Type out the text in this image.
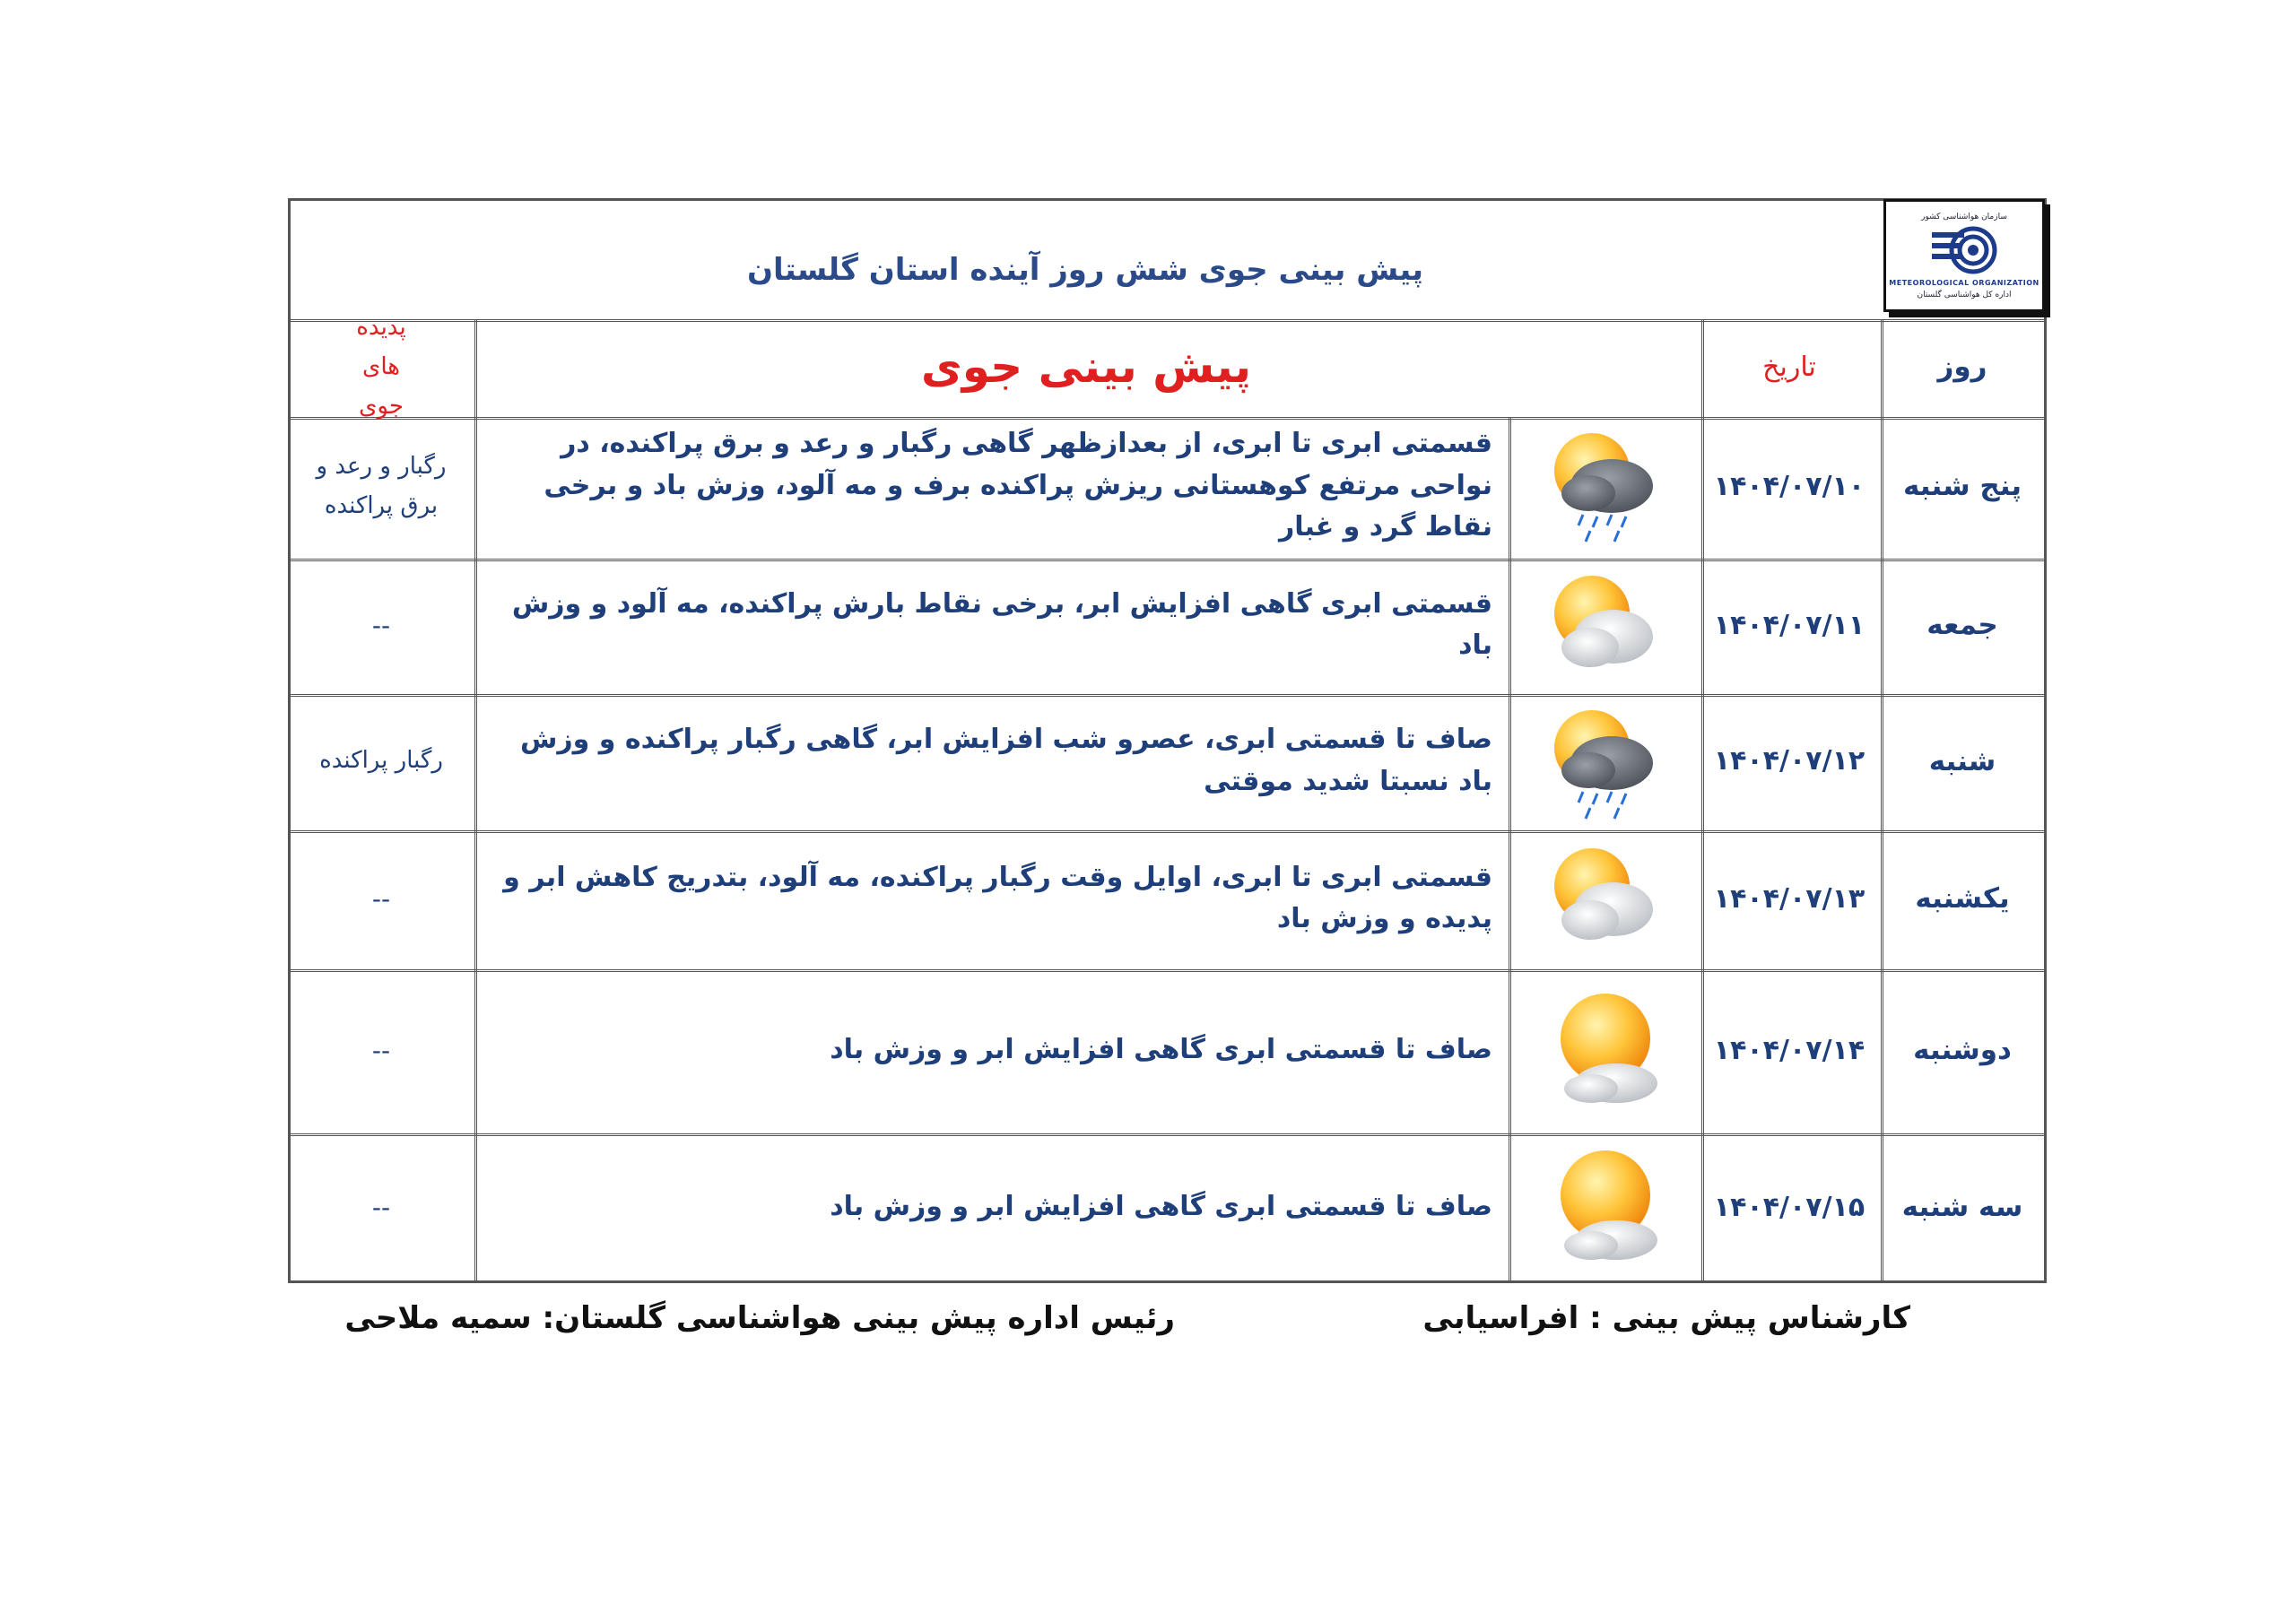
پیش بینی جوی شش روز آینده استان گلستان
سازمان هواشناسی کشور
METEOROLOGICAL ORGANIZATION
اداره کل هواشناسی گلستان
روز
تاریخ
پیش بینی جوی
پدیده های جوی
پنج شنبه
۱۴۰۴/۰۷/۱۰
قسمتی ابری تا ابری، از بعدازظهر گاهی رگبار و رعد و برق پراکنده، در نواحی مرتفع کوهستانی ریزش پراکنده برف و مه آلود، وزش باد و برخی نقاط گرد و غبار
رگبار و رعد و برق پراکنده
جمعه
۱۴۰۴/۰۷/۱۱
قسمتی ابری گاهی افزایش ابر، برخی نقاط بارش پراکنده، مه آلود و وزش باد
--
شنبه
۱۴۰۴/۰۷/۱۲
صاف تا قسمتی ابری، عصرو شب افزایش ابر، گاهی رگبار پراکنده و وزش باد نسبتا شدید موقتی
رگبار پراکنده
یکشنبه
۱۴۰۴/۰۷/۱۳
قسمتی ابری تا ابری، اوایل وقت رگبار پراکنده، مه آلود، بتدریج کاهش ابر و پدیده و وزش باد
--
دوشنبه
۱۴۰۴/۰۷/۱۴
صاف تا قسمتی ابری گاهی افزایش ابر و وزش باد
--
سه شنبه
۱۴۰۴/۰۷/۱۵
صاف تا قسمتی ابری گاهی افزایش ابر و وزش باد
--
کارشناس پیش بینی : افراسیابی
رئیس اداره پیش بینی هواشناسی گلستان: سمیه ملاحی
